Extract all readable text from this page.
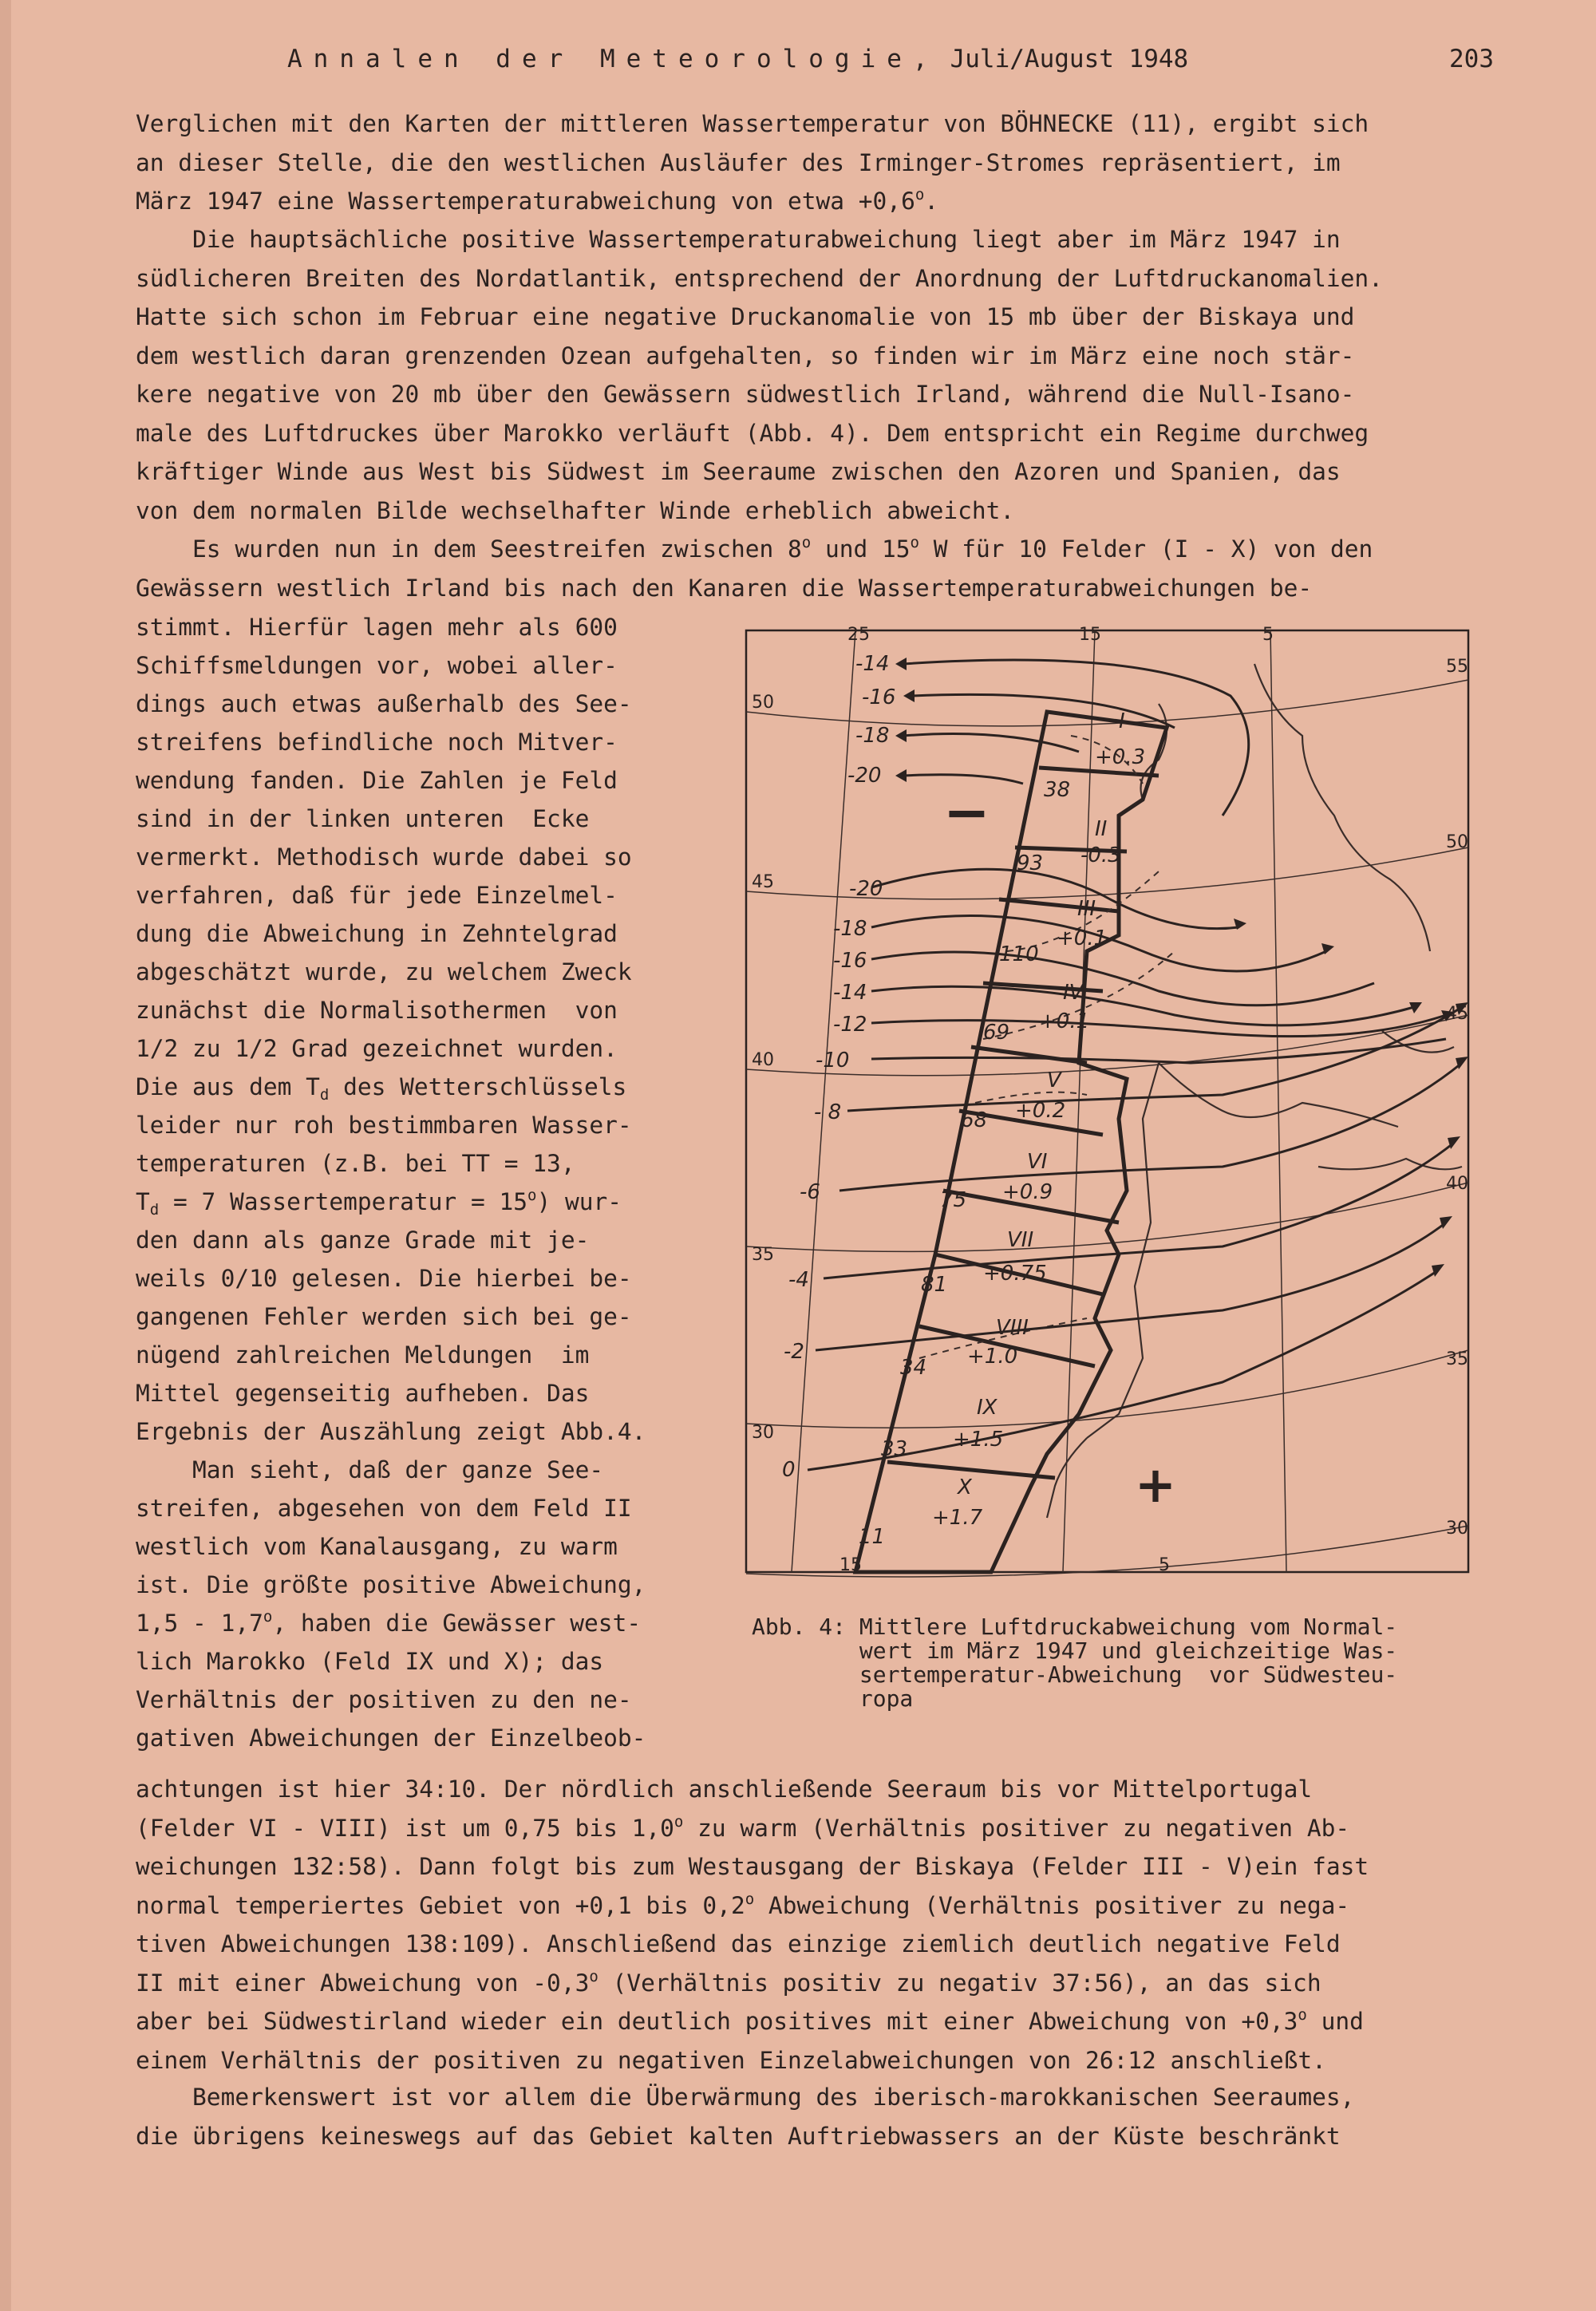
Annalen der Meteorologie, Juli/August 1948	203
Verglichen mit den Karten der mittleren Wassertemperatur von BÖHNECKE (11), ergibt sich
an dieser Stelle, die den westlichen Ausläufer des Irminger-Stromes repräsentiert, im
März 1947 eine Wassertemperaturabweichung von etwa $+0,6^o$.
Die hauptsächliche positive Wassertemperaturabweichung liegt aber im März 1947 in
südlicheren Breiten des Nordatlantik, entsprechend der Anordnung der Luftdruckanomalien.
Hatte sich schon im Februar eine negative Druckanomalie von 15 mb über der Biskaya und
dem westlich daran grenzenden Ozean aufgehalten, so finden wir im März eine noch stär-
kere negative von 20 mb über den Gewässern südwestlich Irland, während die Null-Isano-
male des Luftdruckes über Marokko verläuft (Abb. 4). Dem entspricht ein Regime durchweg
kräftiger Winde aus West bis Südwest im Seeraume zwischen den Azoren und Spanien, das
von dem normalen Bilde wechselhafter Winde erheblich abweicht.
Es wurden nun in dem Seestreifen zwischen 8$^o$ und 15$^o$ W für 10 Felder (I - X) von den
Gewässern westlich Irland bis nach den Kanaren die Wassertemperaturabweichungen be-
stimmt. Hierfür lagen mehr als 600
Schiffsmeldungen vor, wobei aller-
dings auch etwas außerhalb des See-
streifens befindliche noch Mitver-
wendung fanden. Die Zahlen je Feld
sind in der linken unteren  Ecke
vermerkt. Methodisch wurde dabei so
verfahren, daß für jede Einzelmel-
dung die Abweichung in Zehntelgrad
abgeschätzt wurde, zu welchem Zweck
zunächst die Normalisothermen  von
1/2 zu 1/2 Grad gezeichnet wurden.
Die aus dem $T_d$ des Wetterschlüssels
leider nur roh bestimmbaren Wasser-
temperaturen (z.B. bei TT = 13,
$T_d = 7$ Wassertemperatur = $15^o$) wur-
den dann als ganze Grade mit je-
weils 0/10 gelesen. Die hierbei be-
gangenen Fehler werden sich bei ge-
nügend zahlreichen Meldungen  im
Mittel gegenseitig aufheben. Das
Ergebnis der Auszählung zeigt Abb.4.
Man sieht, daß der ganze See-
streifen, abgesehen von dem Feld II
westlich vom Kanalausgang, zu warm
ist. Die größte positive Abweichung,
1,5 - 1,7$^o$, haben die Gewässer west-
lich Marokko (Feld IX und X); das
Verhältnis der positiven zu den ne-
gativen Abweichungen der Einzelbeob-
achtungen ist hier 34:10. Der nördlich anschließende Seeraum bis vor Mittelportugal
(Felder VI - VIII) ist um 0,75 bis 1,0$^o$ zu warm (Verhältnis positiver zu negativen Ab-
weichungen 132:58). Dann folgt bis zum Westausgang der Biskaya (Felder III - V)ein fast
normal temperiertes Gebiet von +0,1 bis 0,2$^o$ Abweichung (Verhältnis positiver zu nega-
tiven Abweichungen 138:109). Anschließend das einzige ziemlich deutlich negative Feld
II mit einer Abweichung von -0,3$^o$ (Verhältnis positiv zu negativ 37:56), an das sich
aber bei Südwestirland wieder ein deutlich positives mit einer Abweichung von $+0,3^o$ und
einem Verhältnis der positiven zu negativen Einzelabweichungen von 26:12 anschließt.
Bemerkenswert ist vor allem die Überwärmung des iberisch-marokkanischen Seeraumes,
die übrigens keineswegs auf das Gebiet kalten Auftriebwassers an der Küste beschränkt
Abb. 4: Mittlere Luftdruckabweichung vom Normal-
wert im März 1947 und gleichzeitige Was-
sertemperatur-Abweichung  vor Südwesteu-
ropa
25	15	5
15	5
50
45
40
35
30
55
50
45
40
35
30
-14
-16
-18
-20
-20
-18
-16
-14
-12
-10
- 8
-6
-4
-2
0
I
+0.3
38
II
-0.3
93
III
+0.1
110
IV
+0.1
69
V
+0.2
68
VI
+0.9
75
VII
+0.75
81
VIII
+1.0
34
IX
+1.5
33
X
+1.7
11
−
+
